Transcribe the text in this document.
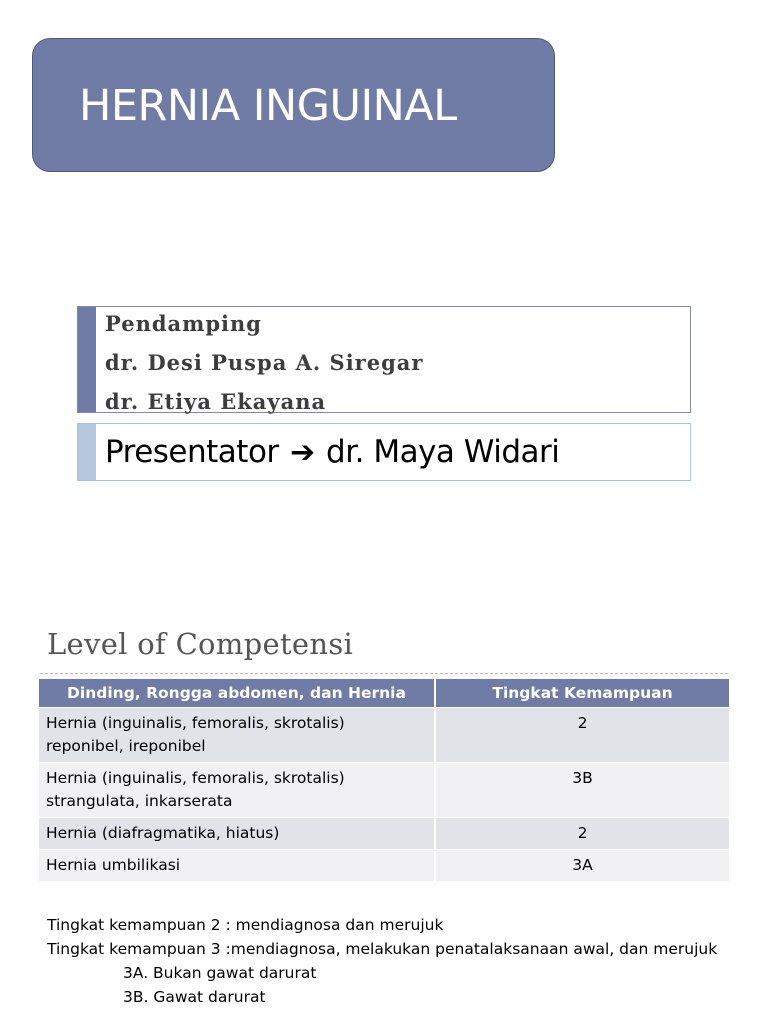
HERNIA INGUINAL
Pendamping
dr. Desi Puspa A. Siregar
dr. Etiya Ekayana
Presentator ➔ dr. Maya Widari
Level of Competensi
Dinding, Rongga abdomen, dan Hernia	Tingkat Kemampuan
Hernia (inguinalis, femoralis, skrotalis) reponibel, ireponibel	2
Hernia (inguinalis, femoralis, skrotalis) strangulata, inkarserata	3B
Hernia (diafragmatika, hiatus)	2
Hernia umbilikasi	3A
Tingkat kemampuan 2 : mendiagnosa dan merujuk
Tingkat kemampuan 3 :mendiagnosa, melakukan penatalaksanaan awal, dan merujuk
3A. Bukan gawat darurat
3B. Gawat darurat
